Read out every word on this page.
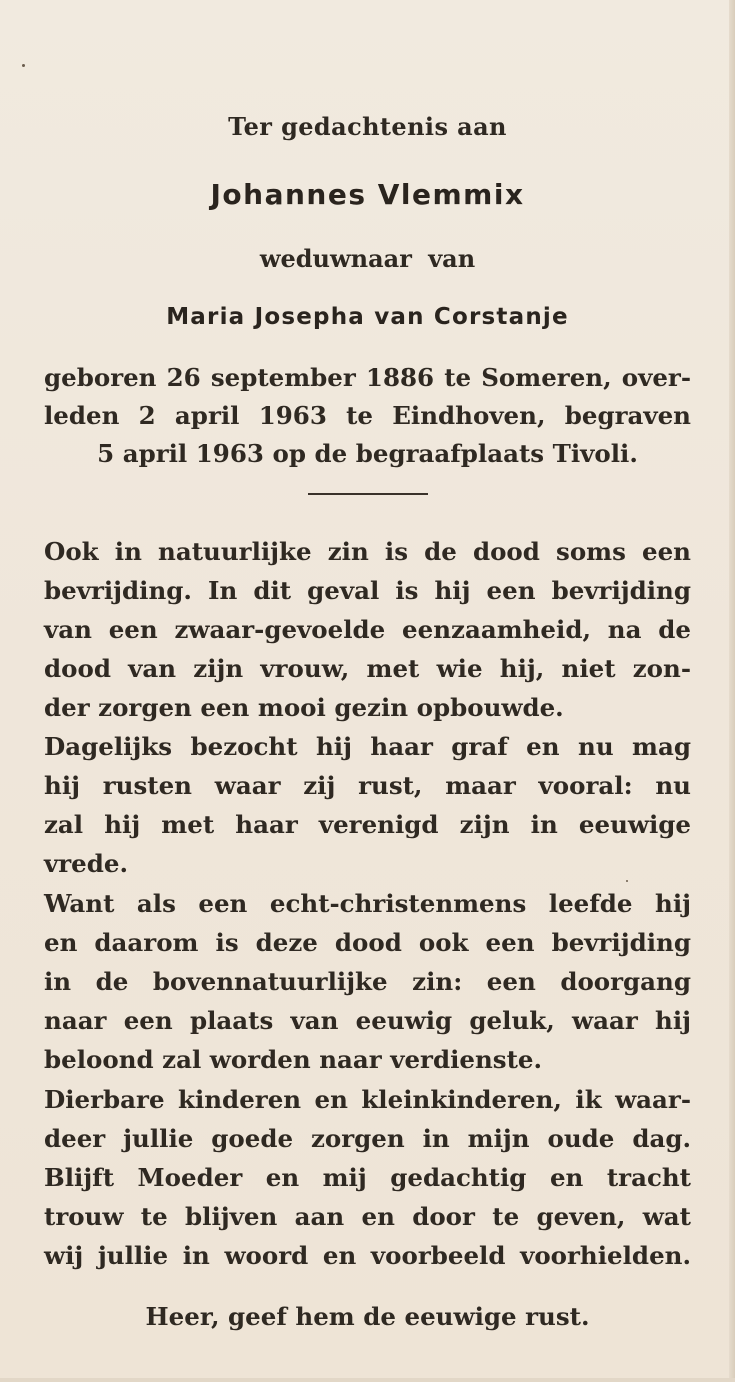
Ter gedachtenis aan

Johannes Vlemmix

weduwnaar van

Maria Josepha van Corstanje

geboren 26 september 1886 te Someren, over-

leden 2 april 1963 te Eindhoven, begraven

5 april 1963 op de begraafplaats Tivoli.

Ook in natuurlijke zin is de dood soms een

bevrijding. In dit geval is hij een bevrijding

van een zwaar-gevoelde eenzaamheid, na de

dood van zijn vrouw, met wie hij, niet zon-

der zorgen een mooi gezin opbouwde.

Dagelijks bezocht hij haar graf en nu mag

hij rusten waar zij rust, maar vooral: nu

zal hij met haar verenigd zijn in eeuwige

vrede.

Want als een echt-christenmens leefde hij

en daarom is deze dood ook een bevrijding

in de bovennatuurlijke zin: een doorgang

naar een plaats van eeuwig geluk, waar hij

beloond zal worden naar verdienste.

Dierbare kinderen en kleinkinderen, ik waar-

deer jullie goede zorgen in mijn oude dag.

Blijft Moeder en mij gedachtig en tracht

trouw te blijven aan en door te geven, wat

wij jullie in woord en voorbeeld voorhielden.

Heer, geef hem de eeuwige rust.
